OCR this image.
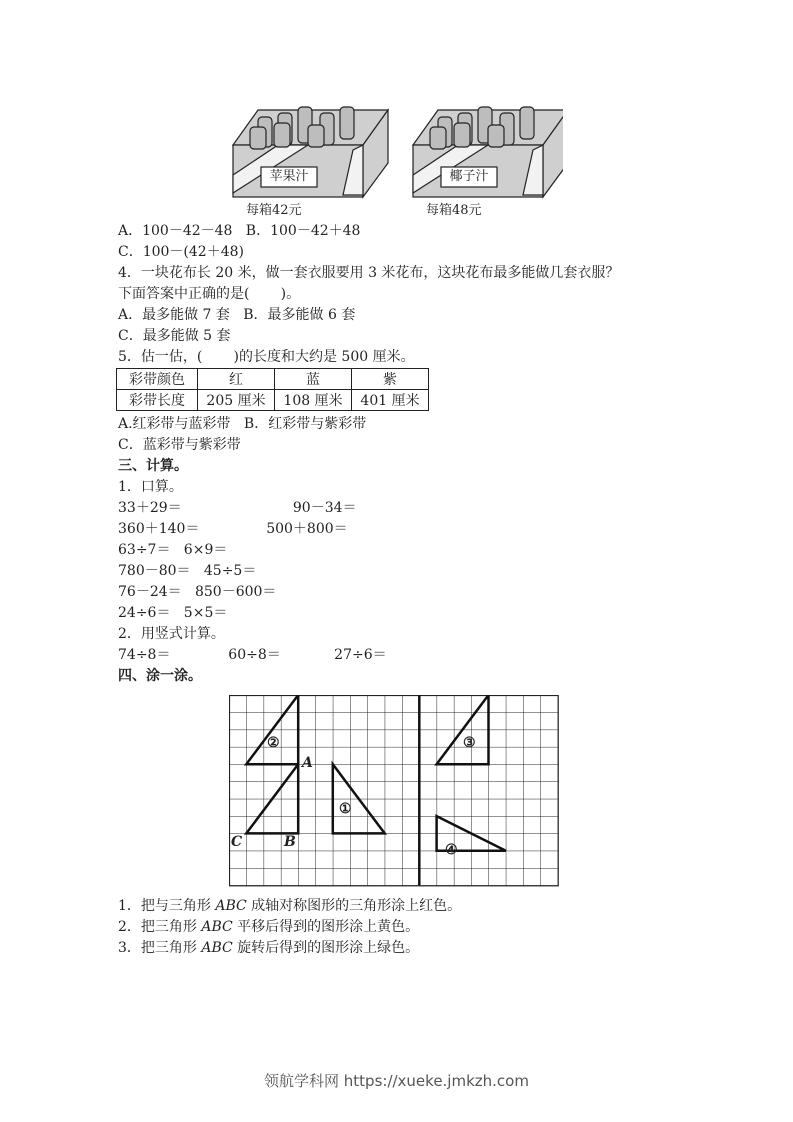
苹果汁	椰子汁
每箱42元	每箱48元
A．100－42－48   B．100－42＋48
C．100－(42＋48)
4．一块花布长 20 米，做一套衣服要用 3 米花布，这块花布最多能做几套衣服？
下面答案中正确的是(       )。
A．最多能做 7 套   B．最多能做 6 套
C．最多能做 5 套
5．估一估，(       )的长度和大约是 500 厘米。
彩带颜色	红	蓝	紫
彩带长度	205 厘米	108 厘米	401 厘米
A.红彩带与蓝彩带   B．红彩带与紫彩带
C．蓝彩带与紫彩带
三、计算。
1．口算。
33＋29＝                         90－34＝
360＋140＝               500＋800＝
63÷7＝   6×9＝
780－80＝   45÷5＝
76－24＝   850－600＝
24÷6＝   5×5＝
2．用竖式计算。
74÷8＝             60÷8＝            27÷6＝
四、涂一涂。
②
①
③
④
A
C	B
1．把与三角形 ABC 成轴对称图形的三角形涂上红色。
2．把三角形 ABC 平移后得到的图形涂上黄色。
3．把三角形 ABC 旋转后得到的图形涂上绿色。
领航学科网 https://xueke.jmkzh.com
